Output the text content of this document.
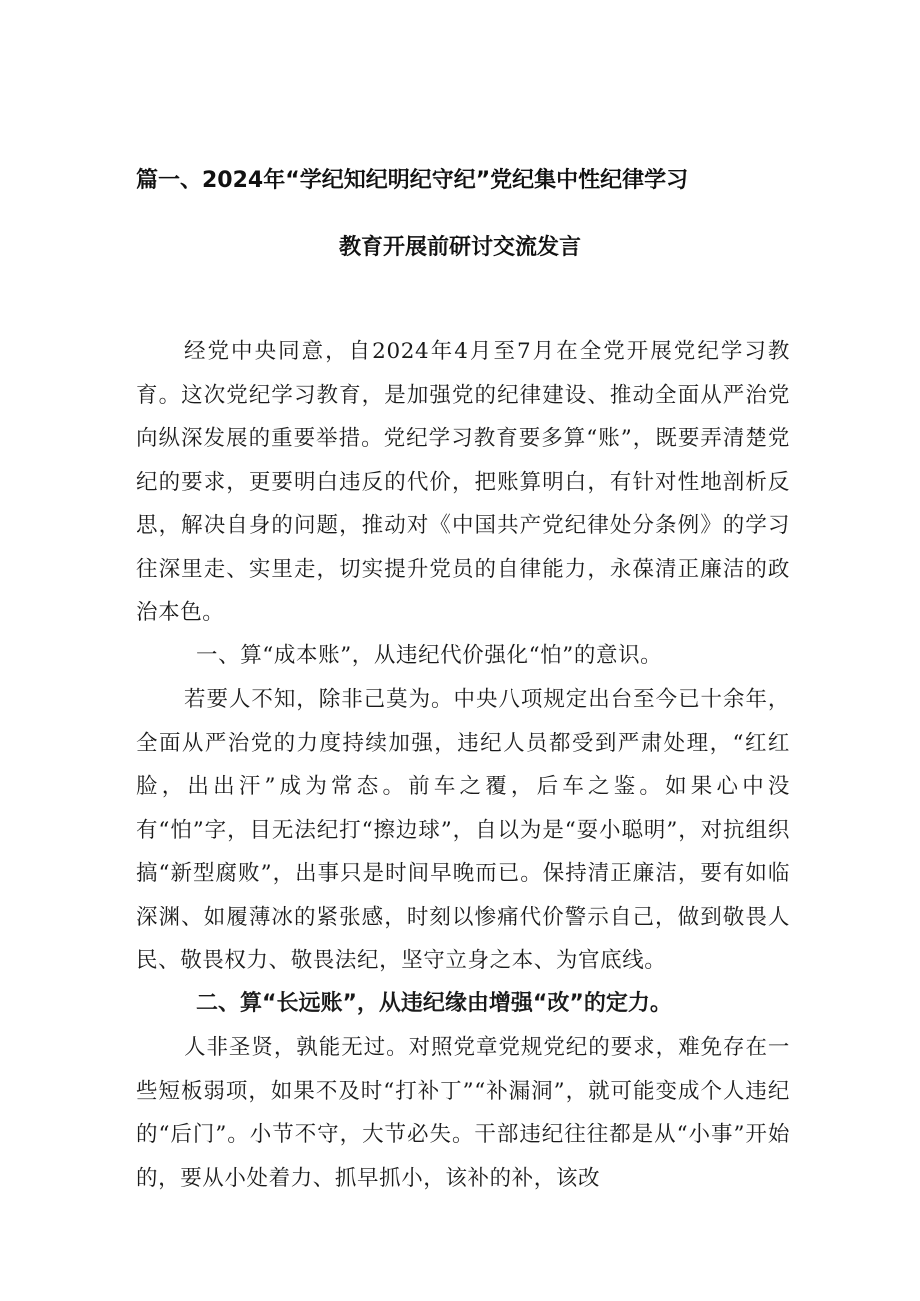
篇一、2024年“学纪知纪明纪守纪”党纪集中性纪律学习
教育开展前研讨交流发言
经党中央同意，自2024年4月至7月在全党开展党纪学习教育。这次党纪学习教育，是加强党的纪律建设、推动全面从严治党向纵深发展的重要举措。党纪学习教育要多算“账”，既要弄清楚党纪的要求，更要明白违反的代价，把账算明白，有针对性地剖析反思，解决自身的问题，推动对《中国共产党纪律处分条例》的学习往深里走、实里走，切实提升党员的自律能力，永葆清正廉洁的政治本色。
一、算“成本账”，从违纪代价强化“怕”的意识。
若要人不知，除非己莫为。中央八项规定出台至今已十余年，全面从严治党的力度持续加强，违纪人员都受到严肃处理，“红红脸，出出汗”成为常态。前车之覆，后车之鉴。如果心中没有“怕”字，目无法纪打“擦边球”，自以为是“耍小聪明”，对抗组织搞“新型腐败”，出事只是时间早晚而已。保持清正廉洁，要有如临深渊、如履薄冰的紧张感，时刻以惨痛代价警示自己，做到敬畏人民、敬畏权力、敬畏法纪，坚守立身之本、为官底线。
二、算“长远账”，从违纪缘由增强“改”的定力。
人非圣贤，孰能无过。对照党章党规党纪的要求，难免存在一些短板弱项，如果不及时“打补丁”“补漏洞”，就可能变成个人违纪的“后门”。小节不守，大节必失。干部违纪往往都是从“小事”开始的，要从小处着力、抓早抓小，该补的补，该改
